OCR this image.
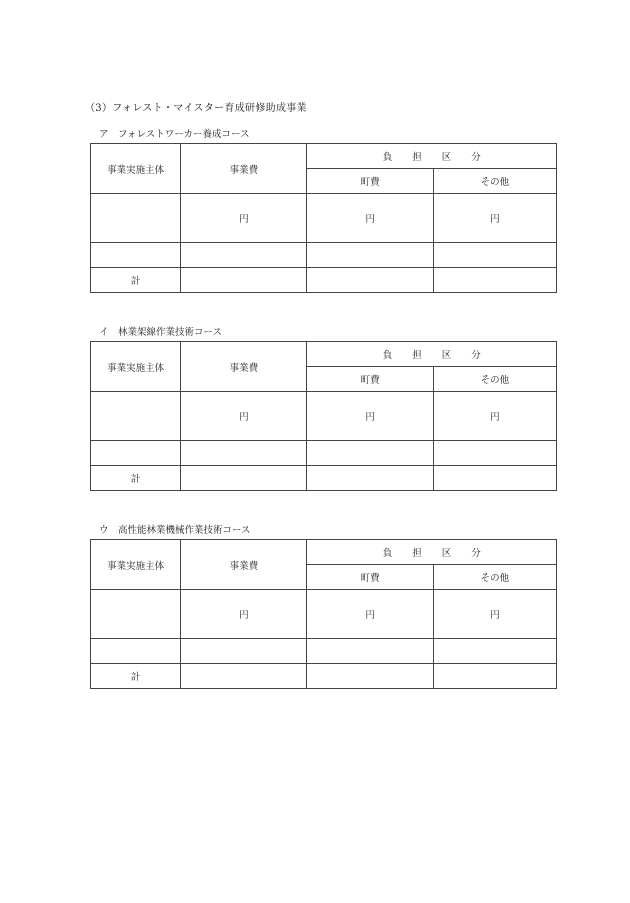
（3）フォレスト・マイスター育成研修助成事業
ア　フォレストワーカー養成コース
事業実施主体	事業費	負 担 区 分	
		町費	その他
	円	円	円

計			
イ　林業架線作業技術コース
事業実施主体	事業費	負 担 区 分	
		町費	その他
	円	円	円

計			
ウ　高性能林業機械作業技術コース
事業実施主体	事業費	負 担 区 分	
		町費	その他
	円	円	円

計			
